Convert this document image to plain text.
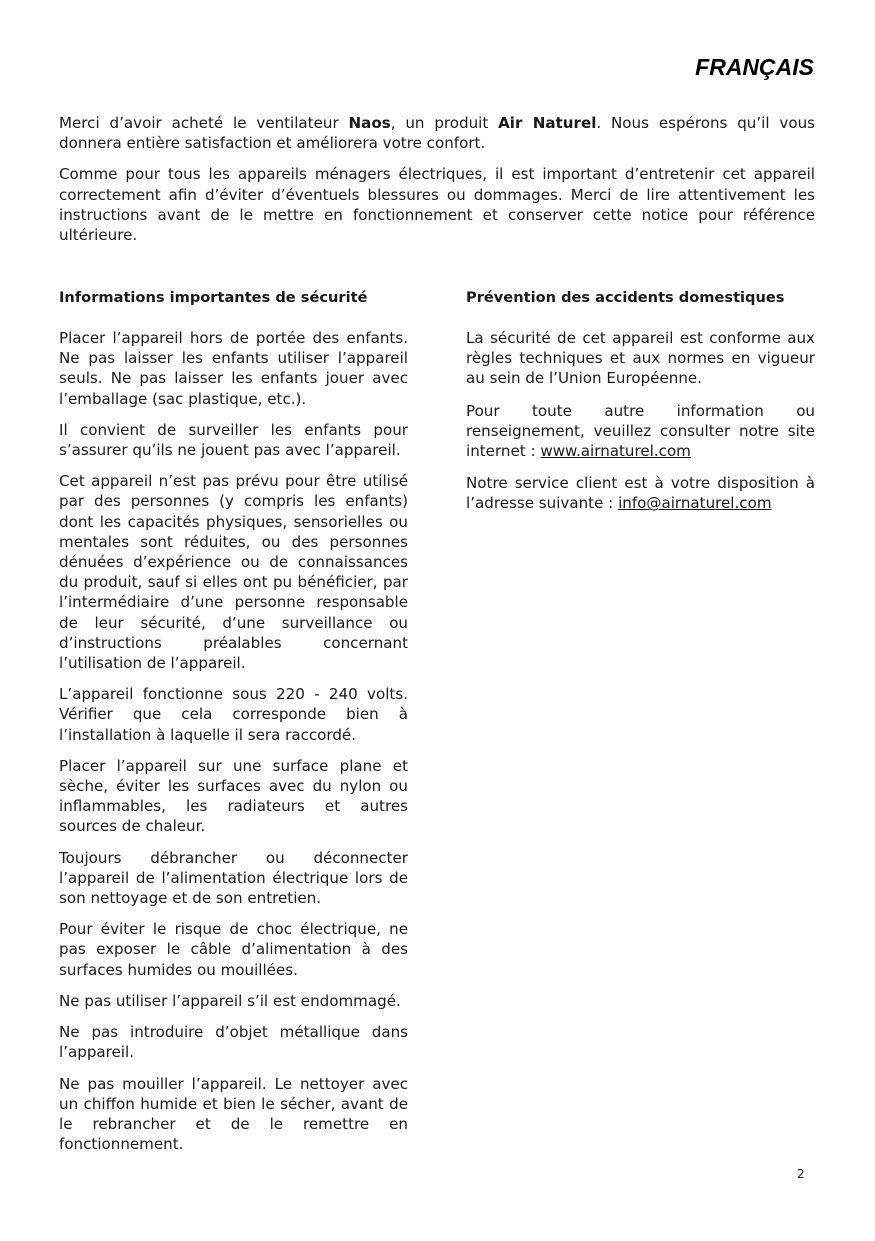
FRANÇAIS

Merci d’avoir acheté le ventilateur Naos, un produit Air Naturel. Nous espérons qu’il vous donnera entière satisfaction et améliorera votre confort.

Comme pour tous les appareils ménagers électriques, il est important d’entretenir cet appareil correctement afin d’éviter d’éventuels blessures ou dommages. Merci de lire attentivement les instructions avant de le mettre en fonctionnement et conserver cette notice pour référence ultérieure.

Informations importantes de sécurité

Placer l’appareil hors de portée des enfants. Ne pas laisser les enfants utiliser l’appareil seuls. Ne pas laisser les enfants jouer avec l’emballage (sac plastique, etc.).

Il convient de surveiller les enfants pour s’assurer qu’ils ne jouent pas avec l’appareil.

Cet appareil n’est pas prévu pour être utilisé par des personnes (y compris les enfants) dont les capacités physiques, sensorielles ou mentales sont réduites, ou des personnes dénuées d’expérience ou de connaissances du produit, sauf si elles ont pu bénéficier, par l’intermédiaire d’une personne responsable de leur sécurité, d’une surveillance ou d’instructions préalables concernant l’utilisation de l’appareil.

L’appareil fonctionne sous 220 - 240 volts. Vérifier que cela corresponde bien à l’installation à laquelle il sera raccordé.

Placer l’appareil sur une surface plane et sèche, éviter les surfaces avec du nylon ou inflammables, les radiateurs et autres sources de chaleur.

Toujours débrancher ou déconnecter l’appareil de l’alimentation électrique lors de son nettoyage et de son entretien.

Pour éviter le risque de choc électrique, ne pas exposer le câble d’alimentation à des surfaces humides ou mouillées.

Ne pas utiliser l’appareil s’il est endommagé.

Ne pas introduire d’objet métallique dans l’appareil.

Ne pas mouiller l’appareil. Le nettoyer avec un chiffon humide et bien le sécher, avant de le rebrancher et de le remettre en fonctionnement.

Prévention des accidents domestiques

La sécurité de cet appareil est conforme aux règles techniques et aux normes en vigueur au sein de l’Union Européenne.

Pour toute autre information ou renseignement, veuillez consulter notre site internet : www.airnaturel.com

Notre service client est à votre disposition à l’adresse suivante : info@airnaturel.com

2
